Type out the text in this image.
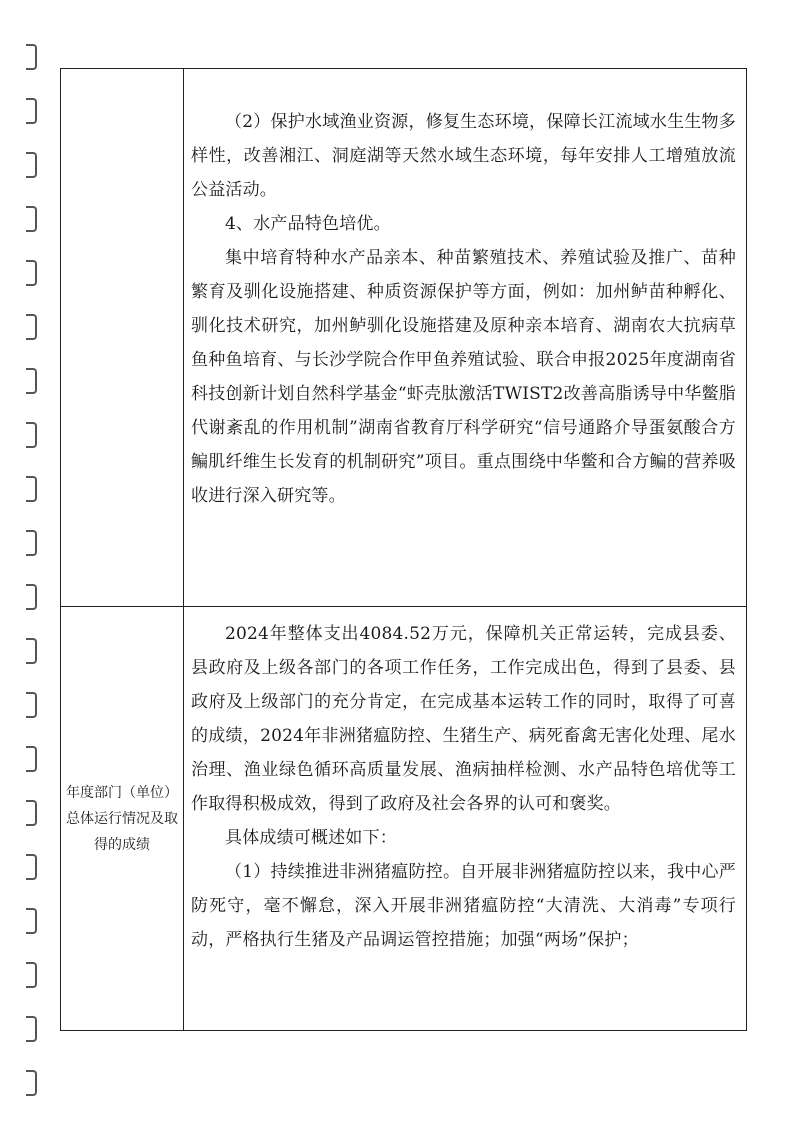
（2）保护水域渔业资源，修复生态环境，保障长江流域水生生物多样性，改善湘江、洞庭湖等天然水域生态环境，每年安排人工增殖放流公益活动。

4、水产品特色培优。

集中培育特种水产品亲本、种苗繁殖技术、养殖试验及推广、苗种繁育及驯化设施搭建、种质资源保护等方面，例如：加州鲈苗种孵化、驯化技术研究，加州鲈驯化设施搭建及原种亲本培育、湖南农大抗病草鱼种鱼培育、与长沙学院合作甲鱼养殖试验、联合申报2025年度湖南省科技创新计划自然科学基金“虾壳肽激活TWIST2改善高脂诱导中华鳖脂代谢紊乱的作用机制”湖南省教育厅科学研究“信号通路介导蛋氨酸合方鳊肌纤维生长发育的机制研究”项目。重点围绕中华鳖和合方鳊的营养吸收进行深入研究等。

年度部门（单位）总体运行情况及取得的成绩

2024年整体支出4084.52万元，保障机关正常运转，完成县委、县政府及上级各部门的各项工作任务，工作完成出色，得到了县委、县政府及上级部门的充分肯定，在完成基本运转工作的同时，取得了可喜的成绩，2024年非洲猪瘟防控、生猪生产、病死畜禽无害化处理、尾水治理、渔业绿色循环高质量发展、渔病抽样检测、水产品特色培优等工作取得积极成效，得到了政府及社会各界的认可和褒奖。

具体成绩可概述如下：

（1）持续推进非洲猪瘟防控。自开展非洲猪瘟防控以来，我中心严防死守，毫不懈怠，深入开展非洲猪瘟防控“大清洗、大消毒”专项行动，严格执行生猪及产品调运管控措施；加强“两场”保护；
